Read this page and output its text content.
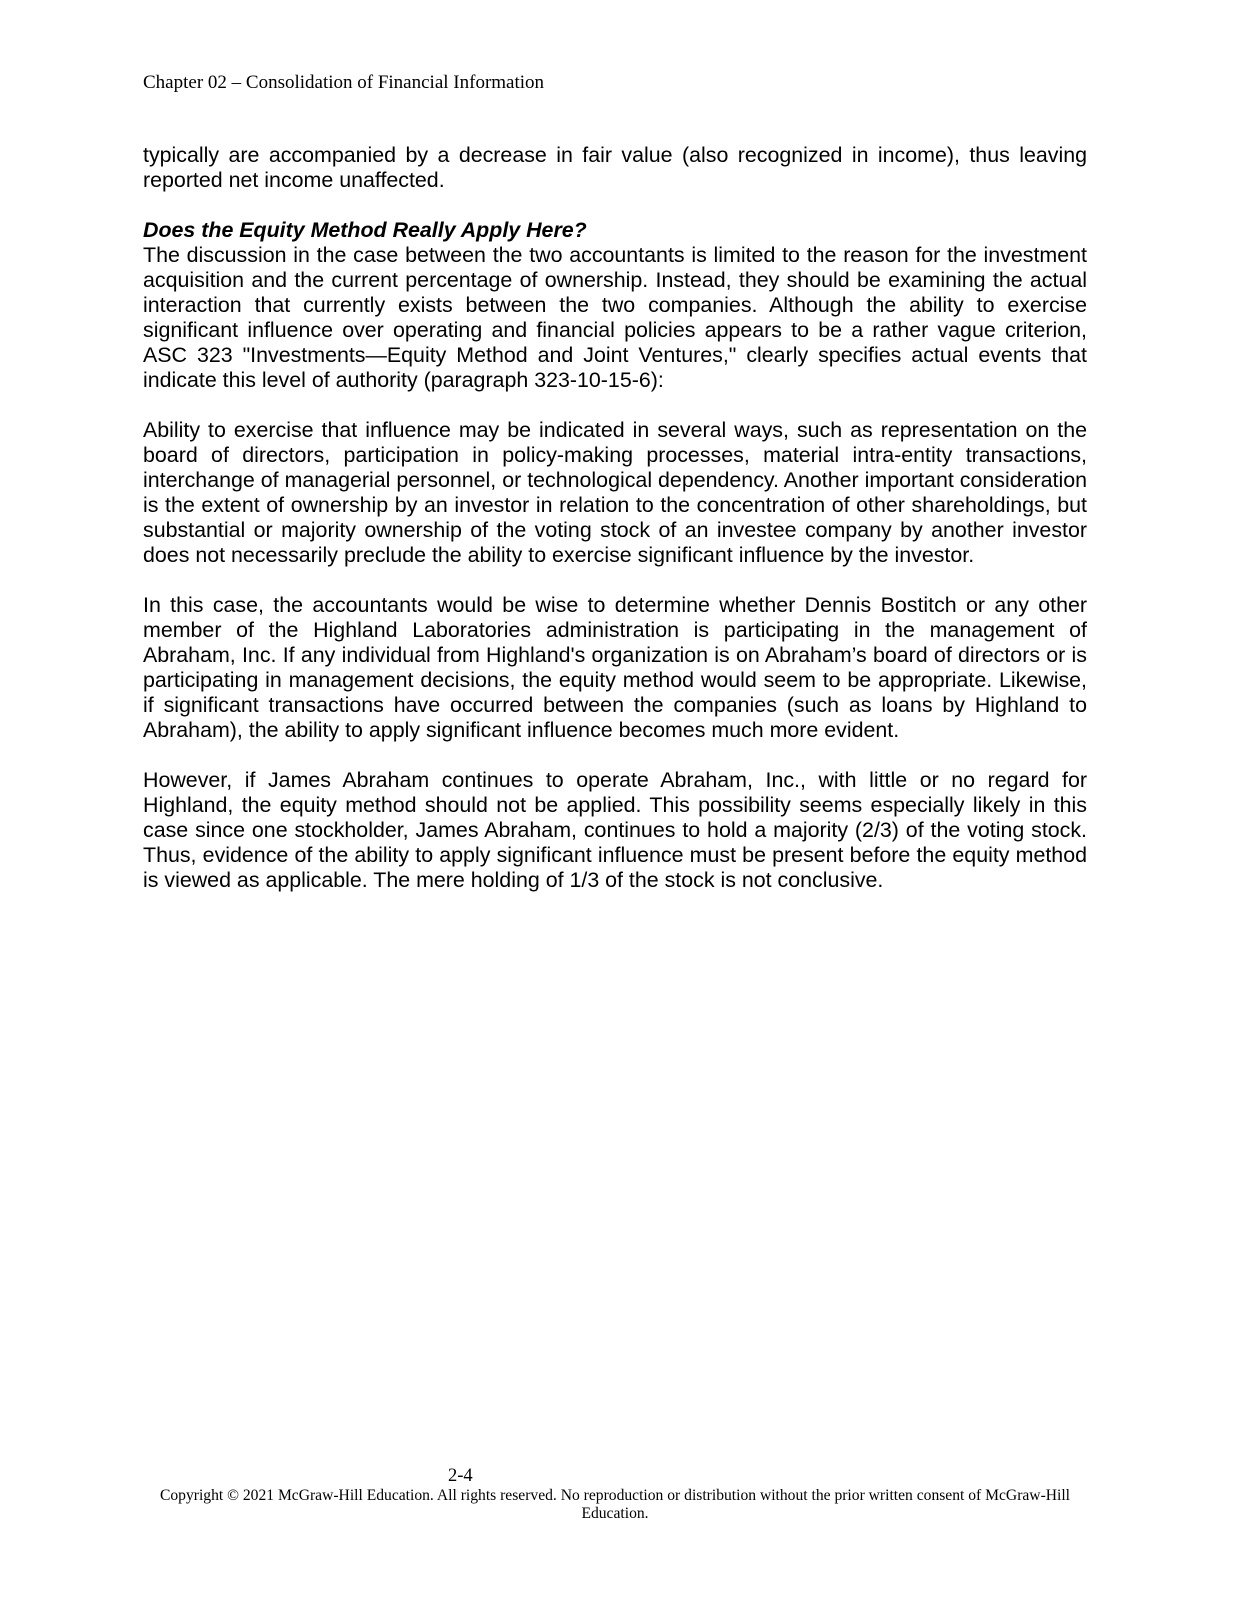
Chapter 02 – Consolidation of Financial Information

typically are accompanied by a decrease in fair value (also recognized in income), thus leaving reported net income unaffected.

Does the Equity Method Really Apply Here?

The discussion in the case between the two accountants is limited to the reason for the investment acquisition and the current percentage of ownership. Instead, they should be examining the actual interaction that currently exists between the two companies. Although the ability to exercise significant influence over operating and financial policies appears to be a rather vague criterion, ASC 323 "Investments—Equity Method and Joint Ventures," clearly specifies actual events that indicate this level of authority (paragraph 323-10-15-6):

Ability to exercise that influence may be indicated in several ways, such as representation on the board of directors, participation in policy-making processes, material intra-entity transactions, interchange of managerial personnel, or technological dependency. Another important consideration is the extent of ownership by an investor in relation to the concentration of other shareholdings, but substantial or majority ownership of the voting stock of an investee company by another investor does not necessarily preclude the ability to exercise significant influence by the investor.

In this case, the accountants would be wise to determine whether Dennis Bostitch or any other member of the Highland Laboratories administration is participating in the management of Abraham, Inc. If any individual from Highland's organization is on Abraham’s board of directors or is participating in management decisions, the equity method would seem to be appropriate. Likewise, if significant transactions have occurred between the companies (such as loans by Highland to Abraham), the ability to apply significant influence becomes much more evident.

However, if James Abraham continues to operate Abraham, Inc., with little or no regard for Highland, the equity method should not be applied. This possibility seems especially likely in this case since one stockholder, James Abraham, continues to hold a majority (2/3) of the voting stock. Thus, evidence of the ability to apply significant influence must be present before the equity method is viewed as applicable. The mere holding of 1/3 of the stock is not conclusive.

2-4
Copyright © 2021 McGraw-Hill Education. All rights reserved. No reproduction or distribution without the prior written consent of McGraw-Hill Education.
